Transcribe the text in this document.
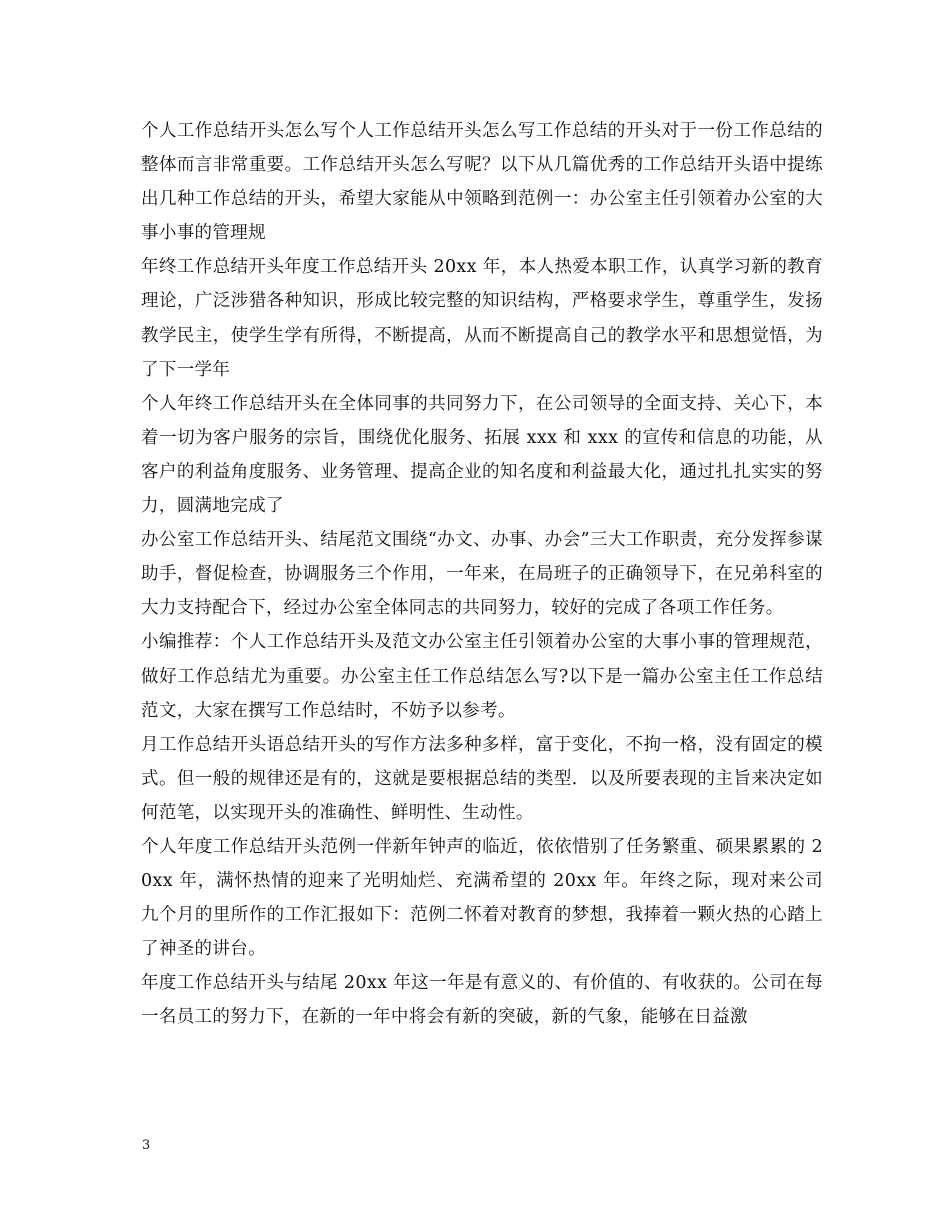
个人工作总结开头怎么写个人工作总结开头怎么写工作总结的开头对于一份工作总结的整体而言非常重要。工作总结开头怎么写呢？以下从几篇优秀的工作总结开头语中提练出几种工作总结的开头，希望大家能从中领略到范例一：办公室主任引领着办公室的大事小事的管理规

年终工作总结开头年度工作总结开头 20xx 年，本人热爱本职工作，认真学习新的教育理论，广泛涉猎各种知识，形成比较完整的知识结构，严格要求学生，尊重学生，发扬教学民主，使学生学有所得，不断提高，从而不断提高自己的教学水平和思想觉悟，为了下一学年

个人年终工作总结开头在全体同事的共同努力下，在公司领导的全面支持、关心下，本着一切为客户服务的宗旨，围绕优化服务、拓展 xxx 和 xxx 的宣传和信息的功能，从客户的利益角度服务、业务管理、提高企业的知名度和利益最大化，通过扎扎实实的努力，圆满地完成了

办公室工作总结开头、结尾范文围绕“办文、办事、办会”三大工作职责，充分发挥参谋助手，督促检查，协调服务三个作用，一年来，在局班子的正确领导下，在兄弟科室的大力支持配合下，经过办公室全体同志的共同努力，较好的完成了各项工作任务。

小编推荐：个人工作总结开头及范文办公室主任引领着办公室的大事小事的管理规范，做好工作总结尤为重要。办公室主任工作总结怎么写?以下是一篇办公室主任工作总结范文，大家在撰写工作总结时，不妨予以参考。

月工作总结开头语总结开头的写作方法多种多样，富于变化，不拘一格，没有固定的模式。但一般的规律还是有的，这就是要根据总结的类型．以及所要表现的主旨来决定如何范笔，以实现开头的准确性、鲜明性、生动性。

个人年度工作总结开头范例一伴新年钟声的临近，依依惜别了任务繁重、硕果累累的 20xx 年，满怀热情的迎来了光明灿烂、充满希望的 20xx 年。年终之际，现对来公司九个月的里所作的工作汇报如下：范例二怀着对教育的梦想，我捧着一颗火热的心踏上了神圣的讲台。

年度工作总结开头与结尾 20xx 年这一年是有意义的、有价值的、有收获的。公司在每一名员工的努力下，在新的一年中将会有新的突破，新的气象，能够在日益激

3
